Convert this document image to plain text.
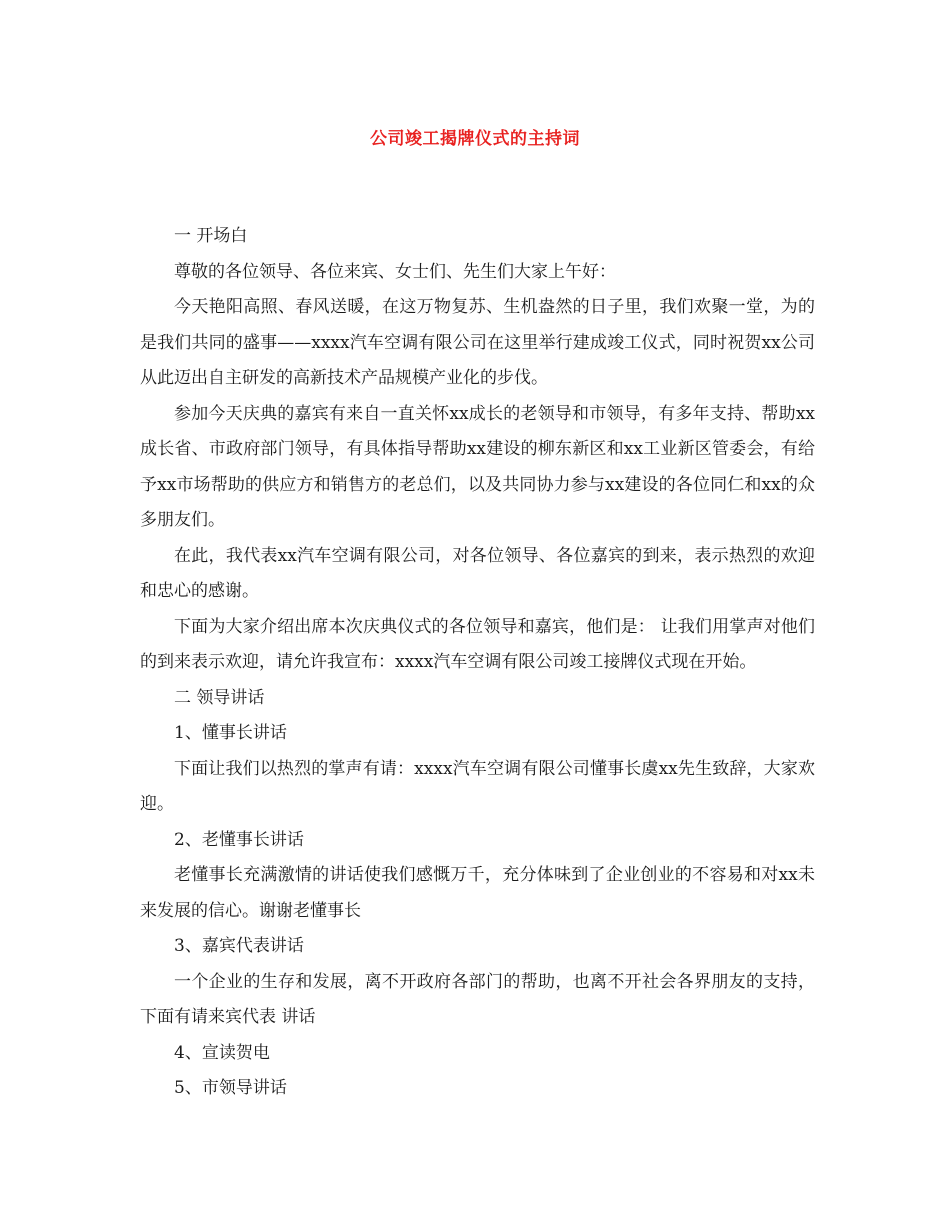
公司竣工揭牌仪式的主持词

一 开场白

尊敬的各位领导、各位来宾、女士们、先生们大家上午好：

今天艳阳高照、春风送暖，在这万物复苏、生机盎然的日子里，我们欢聚一堂，为的是我们共同的盛事——xxxx汽车空调有限公司在这里举行建成竣工仪式，同时祝贺xx公司从此迈出自主研发的高新技术产品规模产业化的步伐。

参加今天庆典的嘉宾有来自一直关怀xx成长的老领导和市领导，有多年支持、帮助xx成长省、市政府部门领导，有具体指导帮助xx建设的柳东新区和xx工业新区管委会，有给予xx市场帮助的供应方和销售方的老总们，以及共同协力参与xx建设的各位同仁和xx的众多朋友们。

在此，我代表xx汽车空调有限公司，对各位领导、各位嘉宾的到来，表示热烈的欢迎和忠心的感谢。

下面为大家介绍出席本次庆典仪式的各位领导和嘉宾，他们是： 让我们用掌声对他们的到来表示欢迎，请允许我宣布：xxxx汽车空调有限公司竣工接牌仪式现在开始。

二 领导讲话

1、懂事长讲话

下面让我们以热烈的掌声有请：xxxx汽车空调有限公司懂事长虞xx先生致辞，大家欢迎。

2、老懂事长讲话

老懂事长充满激情的讲话使我们感慨万千，充分体味到了企业创业的不容易和对xx未来发展的信心。谢谢老懂事长

3、嘉宾代表讲话

一个企业的生存和发展，离不开政府各部门的帮助，也离不开社会各界朋友的支持，下面有请来宾代表 讲话

4、宣读贺电

5、市领导讲话
